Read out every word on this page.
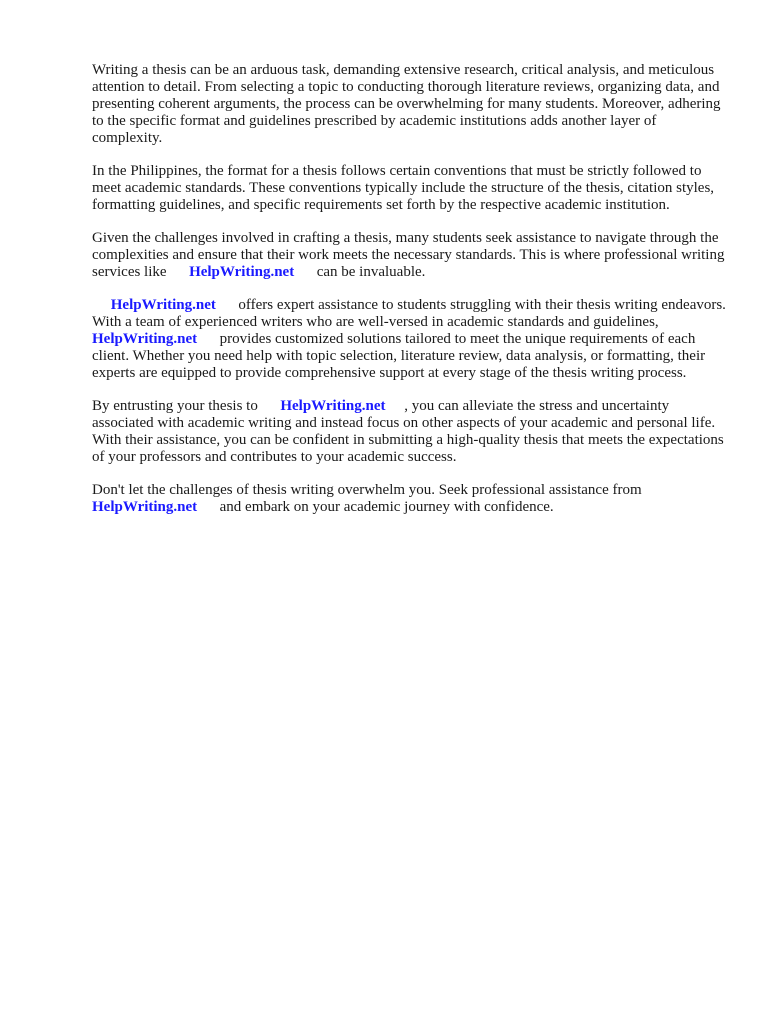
Writing a thesis can be an arduous task, demanding extensive research, critical analysis, and meticulous attention to detail. From selecting a topic to conducting thorough literature reviews, organizing data, and presenting coherent arguments, the process can be overwhelming for many students. Moreover, adhering to the specific format and guidelines prescribed by academic institutions adds another layer of complexity.

In the Philippines, the format for a thesis follows certain conventions that must be strictly followed to meet academic standards. These conventions typically include the structure of the thesis, citation styles, formatting guidelines, and specific requirements set forth by the respective academic institution.

Given the challenges involved in crafting a thesis, many students seek assistance to navigate through the complexities and ensure that their work meets the necessary standards. This is where professional writing services like      HelpWriting.net      can be invaluable.

HelpWriting.net      offers expert assistance to students struggling with their thesis writing endeavors. With a team of experienced writers who are well-versed in academic standards and guidelines,      HelpWriting.net      provides customized solutions tailored to meet the unique requirements of each client. Whether you need help with topic selection, literature review, data analysis, or formatting, their experts are equipped to provide comprehensive support at every stage of the thesis writing process.

By entrusting your thesis to      HelpWriting.net     , you can alleviate the stress and uncertainty associated with academic writing and instead focus on other aspects of your academic and personal life. With their assistance, you can be confident in submitting a high-quality thesis that meets the expectations of your professors and contributes to your academic success.

Don't let the challenges of thesis writing overwhelm you. Seek professional assistance from HelpWriting.net      and embark on your academic journey with confidence.
